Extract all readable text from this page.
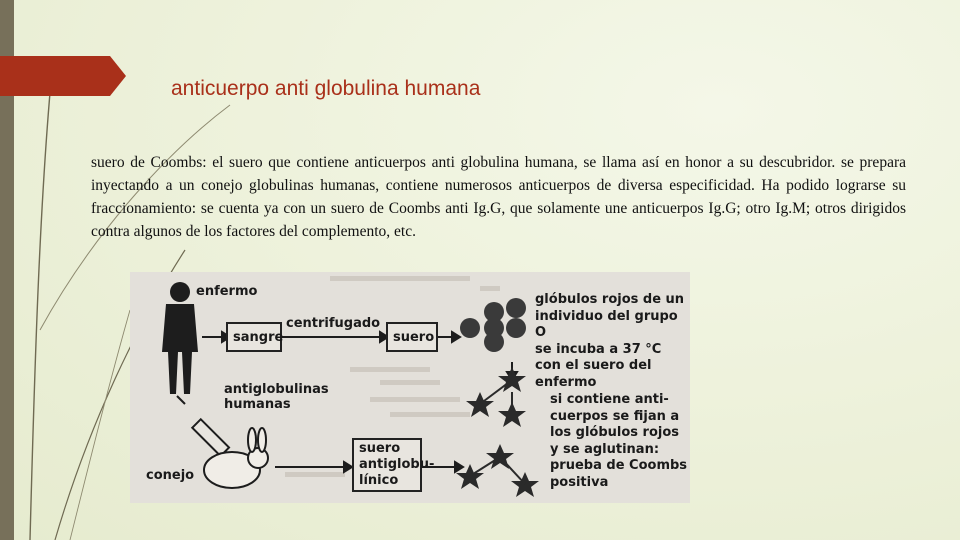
anticuerpo anti globulina humana
suero de Coombs: el suero que contiene anticuerpos anti globulina humana, se llama así en honor a su descubridor. se prepara inyectando a un conejo globulinas humanas, contiene numerosos anticuerpos de diversa especificidad. Ha podido lograrse su fraccionamiento: se cuenta ya con un suero de Coombs anti Ig.G, que solamente une anticuerpos Ig.G; otro Ig.M; otros dirigidos contra algunos de los factores del complemento, etc.
enfermo
sangre
centrifugado
suero
antiglobulinas
humanas
conejo
suero
antiglobu-
línico
glóbulos rojos de un
individuo del grupo O
se incuba a 37 °C
con el suero del
enfermo
si contiene anti-
cuerpos se fijan a
los glóbulos rojos
y se aglutinan:
prueba de Coombs
positiva
